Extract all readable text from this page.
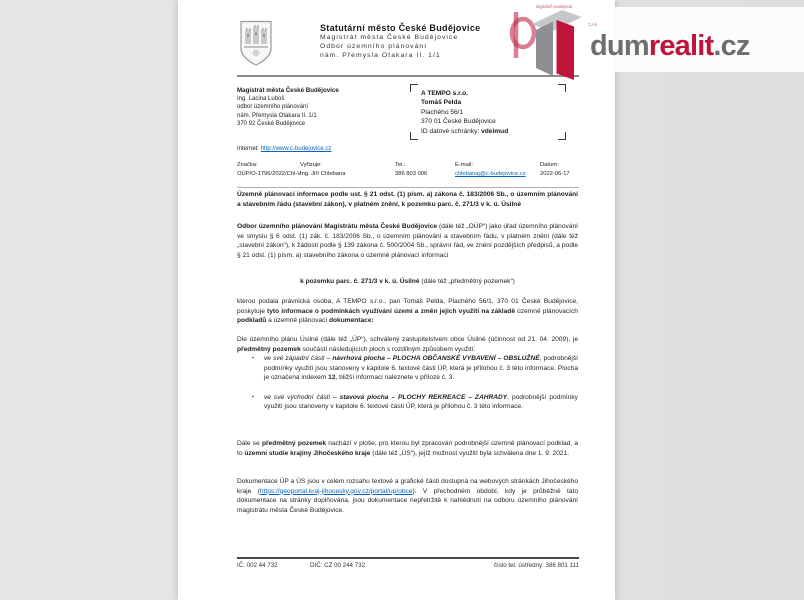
Statutární město České Budějovice
Magistrát města České Budějovice
Odbor územního plánování
nám. Přemysla Otakara II. 1/1
Magistrát města České Budějovice
Ing. Lacina Luboš
odbor územního plánování
nám. Přemysla Otakara II. 1/1
370 92 České Budějovice
Internet: http://www.c-budejovice.cz
A TEMPO s.r.o.
Tomáš Pelda
Plachého 56/1
370 01 České Budějovice
ID datové schránky: vdeimud
Značka:
OÚP/O-1796/2022/Chl-V
Vyřizuje:
Ing. Jiří Chlebana
Tel.:
386 803 006
E-mail:
chlebanaj@c-budejovice.cz
Datum:
2022-06-17
Územně plánovací informace podle ust. § 21 odst. (1) písm. a) zákona č. 183/2006 Sb., o územním plánování a stavebním řádu (stavební zákon), v platném znění, k pozemku parc. č. 271/3 v k. ú. Úsilné
Odbor územního plánování Magistrátu města České Budějovice (dále též „OÚP“) jako úřad územního plánování ve smyslu § 6 odst. (1) zák. č. 183/2006 Sb., o územním plánování a stavebním řádu, v platném znění (dále též „stavební zákon“), k žádosti podle § 139 zákona č. 500/2004 Sb., správní řád, ve znění pozdějších předpisů, a podle § 21 odst. (1) písm. a) stavebního zákona o územně plánovací informaci
k pozemku parc. č. 271/3 v k. ú. Úsilné (dále též „předmětný pozemek“)
kterou podala právnická osoba, A TEMPO s.r.o., pan Tomáš Pelda, Plachého 56/1, 370 01 České Budějovice, poskytuje tyto informace o podmínkách využívání území a změn jejich využití na základě územně plánovacích podkladů a územně plánovací dokumentace:
Dle územního plánu Úsilné (dále též „ÚP“), schválený zastupitelstvem obce Úsilné (účinnost od 21. 04. 2009), je předmětný pozemek součástí následujících ploch s rozdílným způsobem využití:
▪	ve své západní části – návrhová plocha – PLOCHA OBČANSKÉ VYBAVENÍ – OBSLUŽNÉ, podrobnější podmínky využití jsou stanoveny v kapitole 6. textové části ÚP, která je přílohou č. 3 této informace. Plocha je označena indexem 12, bližší informaci naleznete v příloze č. 3.
▪	ve své východní části – stavová plocha – PLOCHY REKREACE – ZAHRADY, podrobnější podmínky využití jsou stanoveny v kapitole 6. textové části ÚP, která je přílohou č. 3 této informace.
Dále se předmětný pozemek nachází v ploše, pro kterou byl zpracován podrobnější územně plánovací podklad, a to územní studie krajiny Jihočeského kraje (dále též „ÚS“), jejíž možnost využití byla schválena dne 1. 9. 2021.
Dokumentace ÚP a ÚS jsou v celém rozsahu textové a grafické části dostupná na webových stránkách Jihočeského kraje (https://geoportal.kraj-jihocesky.gov.cz/portal/up/obce). V přechodném období, kdy je průběžně tato dokumentace na stránky doplňována, jsou dokumentace nepřetržitě k nahlédnutí na odboru územního plánování magistrátu města České Budějovice.
IČ: 002 44 732	DIČ: CZ 00 244 732	číslo tel. ústředny: 386 801 111
digitálně podepsal
CA k
dumrealit.cz
